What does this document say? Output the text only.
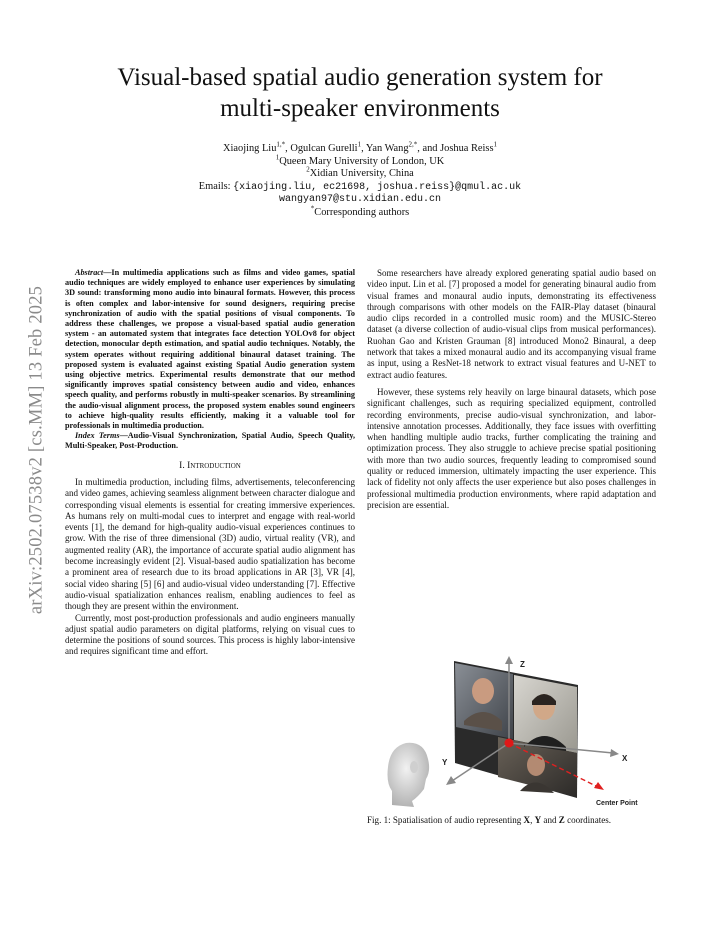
arXiv:2502.07538v2 [cs.MM] 13 Feb 2025
Visual-based spatial audio generation system for
multi-speaker environments
Xiaojing Liu$^{1,*}$, Ogulcan Gurelli$^1$, Yan Wang$^{2,*}$, and Joshua Reiss$^1$
$^1$Queen Mary University of London, UK
$^2$Xidian University, China
Emails: {xiaojing.liu, ec21698, joshua.reiss}@qmul.ac.uk
wangyan97@stu.xidian.edu.cn
*Corresponding authors

Abstract—In multimedia applications such as films and video games, spatial audio techniques are widely employed to enhance user experiences by simulating 3D sound: transforming mono audio into binaural formats. However, this process is often complex and labor-intensive for sound designers, requiring precise synchronization of audio with the spatial positions of visual components. To address these challenges, we propose a visual-based spatial audio generation system - an automated system that integrates face detection YOLOv8 for object detection, monocular depth estimation, and spatial audio techniques. Notably, the system operates without requiring additional binaural dataset training. The proposed system is evaluated against existing Spatial Audio generation system using objective metrics. Experimental results demonstrate that our method significantly improves spatial consistency between audio and video, enhances speech quality, and performs robustly in multi-speaker scenarios. By streamlining the audio-visual alignment process, the proposed system enables sound engineers to achieve high-quality results efficiently, making it a valuable tool for professionals in multimedia production.

Index Terms—Audio-Visual Synchronization, Spatial Audio, Speech Quality, Multi-Speaker, Post-Production.

I. Introduction

In multimedia production, including films, advertisements, teleconferencing and video games, achieving seamless alignment between character dialogue and corresponding visual elements is essential for creating immersive experiences. As humans rely on multi-modal cues to interpret and engage with real-world events [1], the demand for high-quality audio-visual experiences continues to grow. With the rise of three dimensional (3D) audio, virtual reality (VR), and augmented reality (AR), the importance of accurate spatial audio alignment has become increasingly evident [2]. Visual-based audio spatialization has become a prominent area of research due to its broad applications in AR [3], VR [4], social video sharing [5] [6] and audio-visual video understanding [7]. Effective audio-visual spatialization enhances realism, enabling audiences to feel as though they are present within the environment.

Currently, most post-production professionals and audio engineers manually adjust spatial audio parameters on digital platforms, relying on visual cues to determine the positions of sound sources. This process is highly labor-intensive and requires significant time and effort.

Some researchers have already explored generating spatial audio based on video input. Lin et al. [7] proposed a model for generating binaural audio from visual frames and monaural audio inputs, demonstrating its effectiveness through comparisons with other models on the FAIR-Play dataset (binaural audio clips recorded in a controlled music room) and the MUSIC-Stereo dataset (a diverse collection of audio-visual clips from musical performances). Ruohan Gao and Kristen Grauman [8] introduced Mono2 Binaural, a deep network that takes a mixed monaural audio and its accompanying visual frame as input, using a ResNet-18 network to extract visual features and U-NET to extract audio features.

However, these systems rely heavily on large binaural datasets, which pose significant challenges, such as requiring specialized equipment, controlled recording environments, precise audio-visual synchronization, and labor-intensive annotation processes. Additionally, they face issues with overfitting when handling multiple audio tracks, further complicating the training and optimization process. They also struggle to achieve precise spatial positioning with more than two audio sources, frequently leading to compromised sound quality or reduced immersion, ultimately impacting the user experience. This lack of fidelity not only affects the user experience but also poses challenges in professional multimedia production environments, where rapid adaptation and precision are essential.

Z
Y	X
Center Point
Fig. 1: Spatialisation of audio representing X, Y and Z coordinates.
